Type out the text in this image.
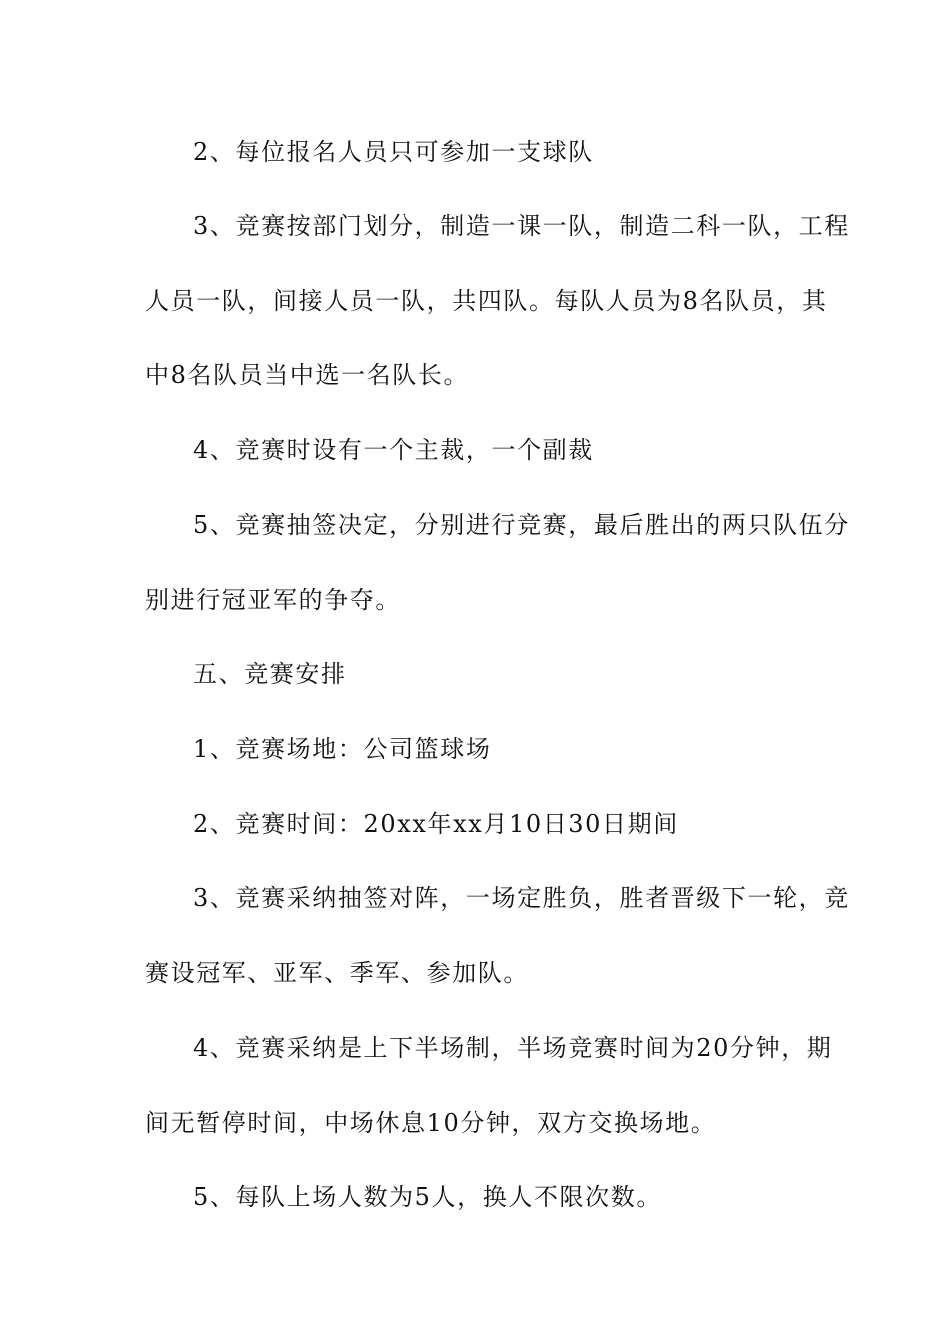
2、每位报名人员只可参加一支球队
3、竞赛按部门划分，制造一课一队，制造二科一队，工程
人员一队，间接人员一队，共四队。每队人员为8名队员，其
中8名队员当中选一名队长。
4、竞赛时设有一个主裁，一个副裁
5、竞赛抽签决定，分别进行竞赛，最后胜出的两只队伍分
别进行冠亚军的争夺。
五、竞赛安排
1、竞赛场地：公司篮球场
2、竞赛时间：20xx年xx月10日30日期间
3、竞赛采纳抽签对阵，一场定胜负，胜者晋级下一轮，竞
赛设冠军、亚军、季军、参加队。
4、竞赛采纳是上下半场制，半场竞赛时间为20分钟，期
间无暂停时间，中场休息10分钟，双方交换场地。
5、每队上场人数为5人，换人不限次数。
